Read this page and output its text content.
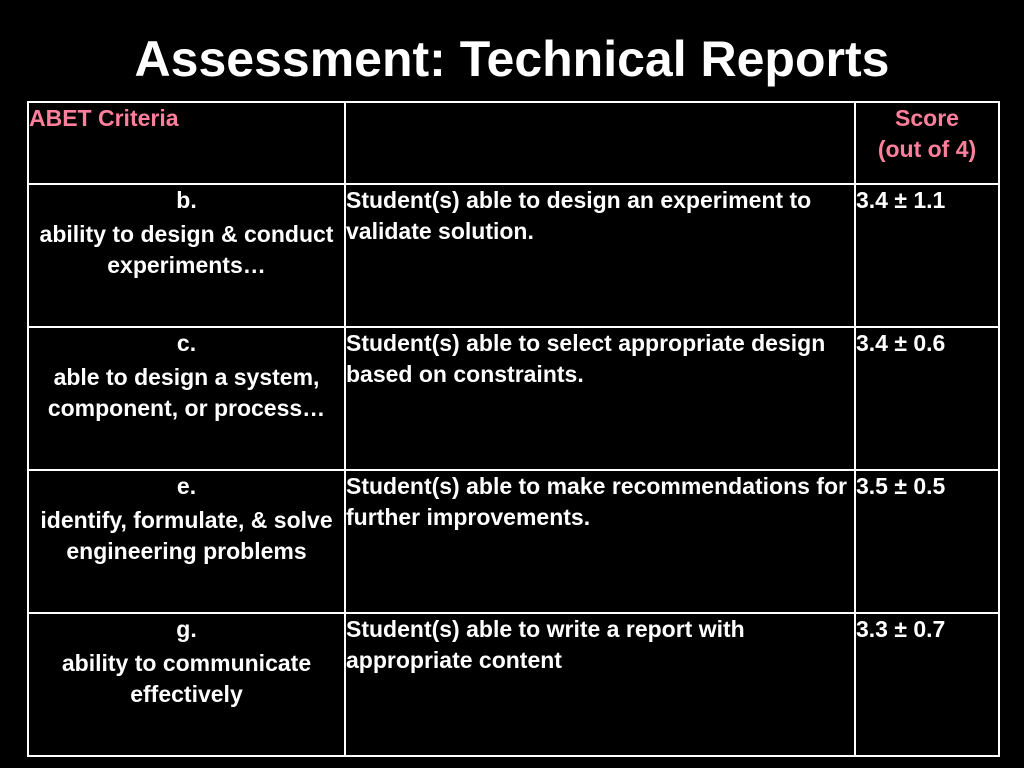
Assessment: Technical Reports
ABET Criteria		Score
(out of 4)

b.
ability to design & conduct experiments…	Student(s) able to design an experiment to validate solution.	3.4 ± 1.1

c.
able to design a system, component, or process…	Student(s) able to select appropriate design based on constraints.	3.4 ± 0.6

e.
identify, formulate, & solve engineering problems	Student(s) able to make recommendations for further improvements.	3.5 ± 0.5

g.
ability to communicate effectively	Student(s) able to write a report with appropriate content	3.3 ± 0.7
